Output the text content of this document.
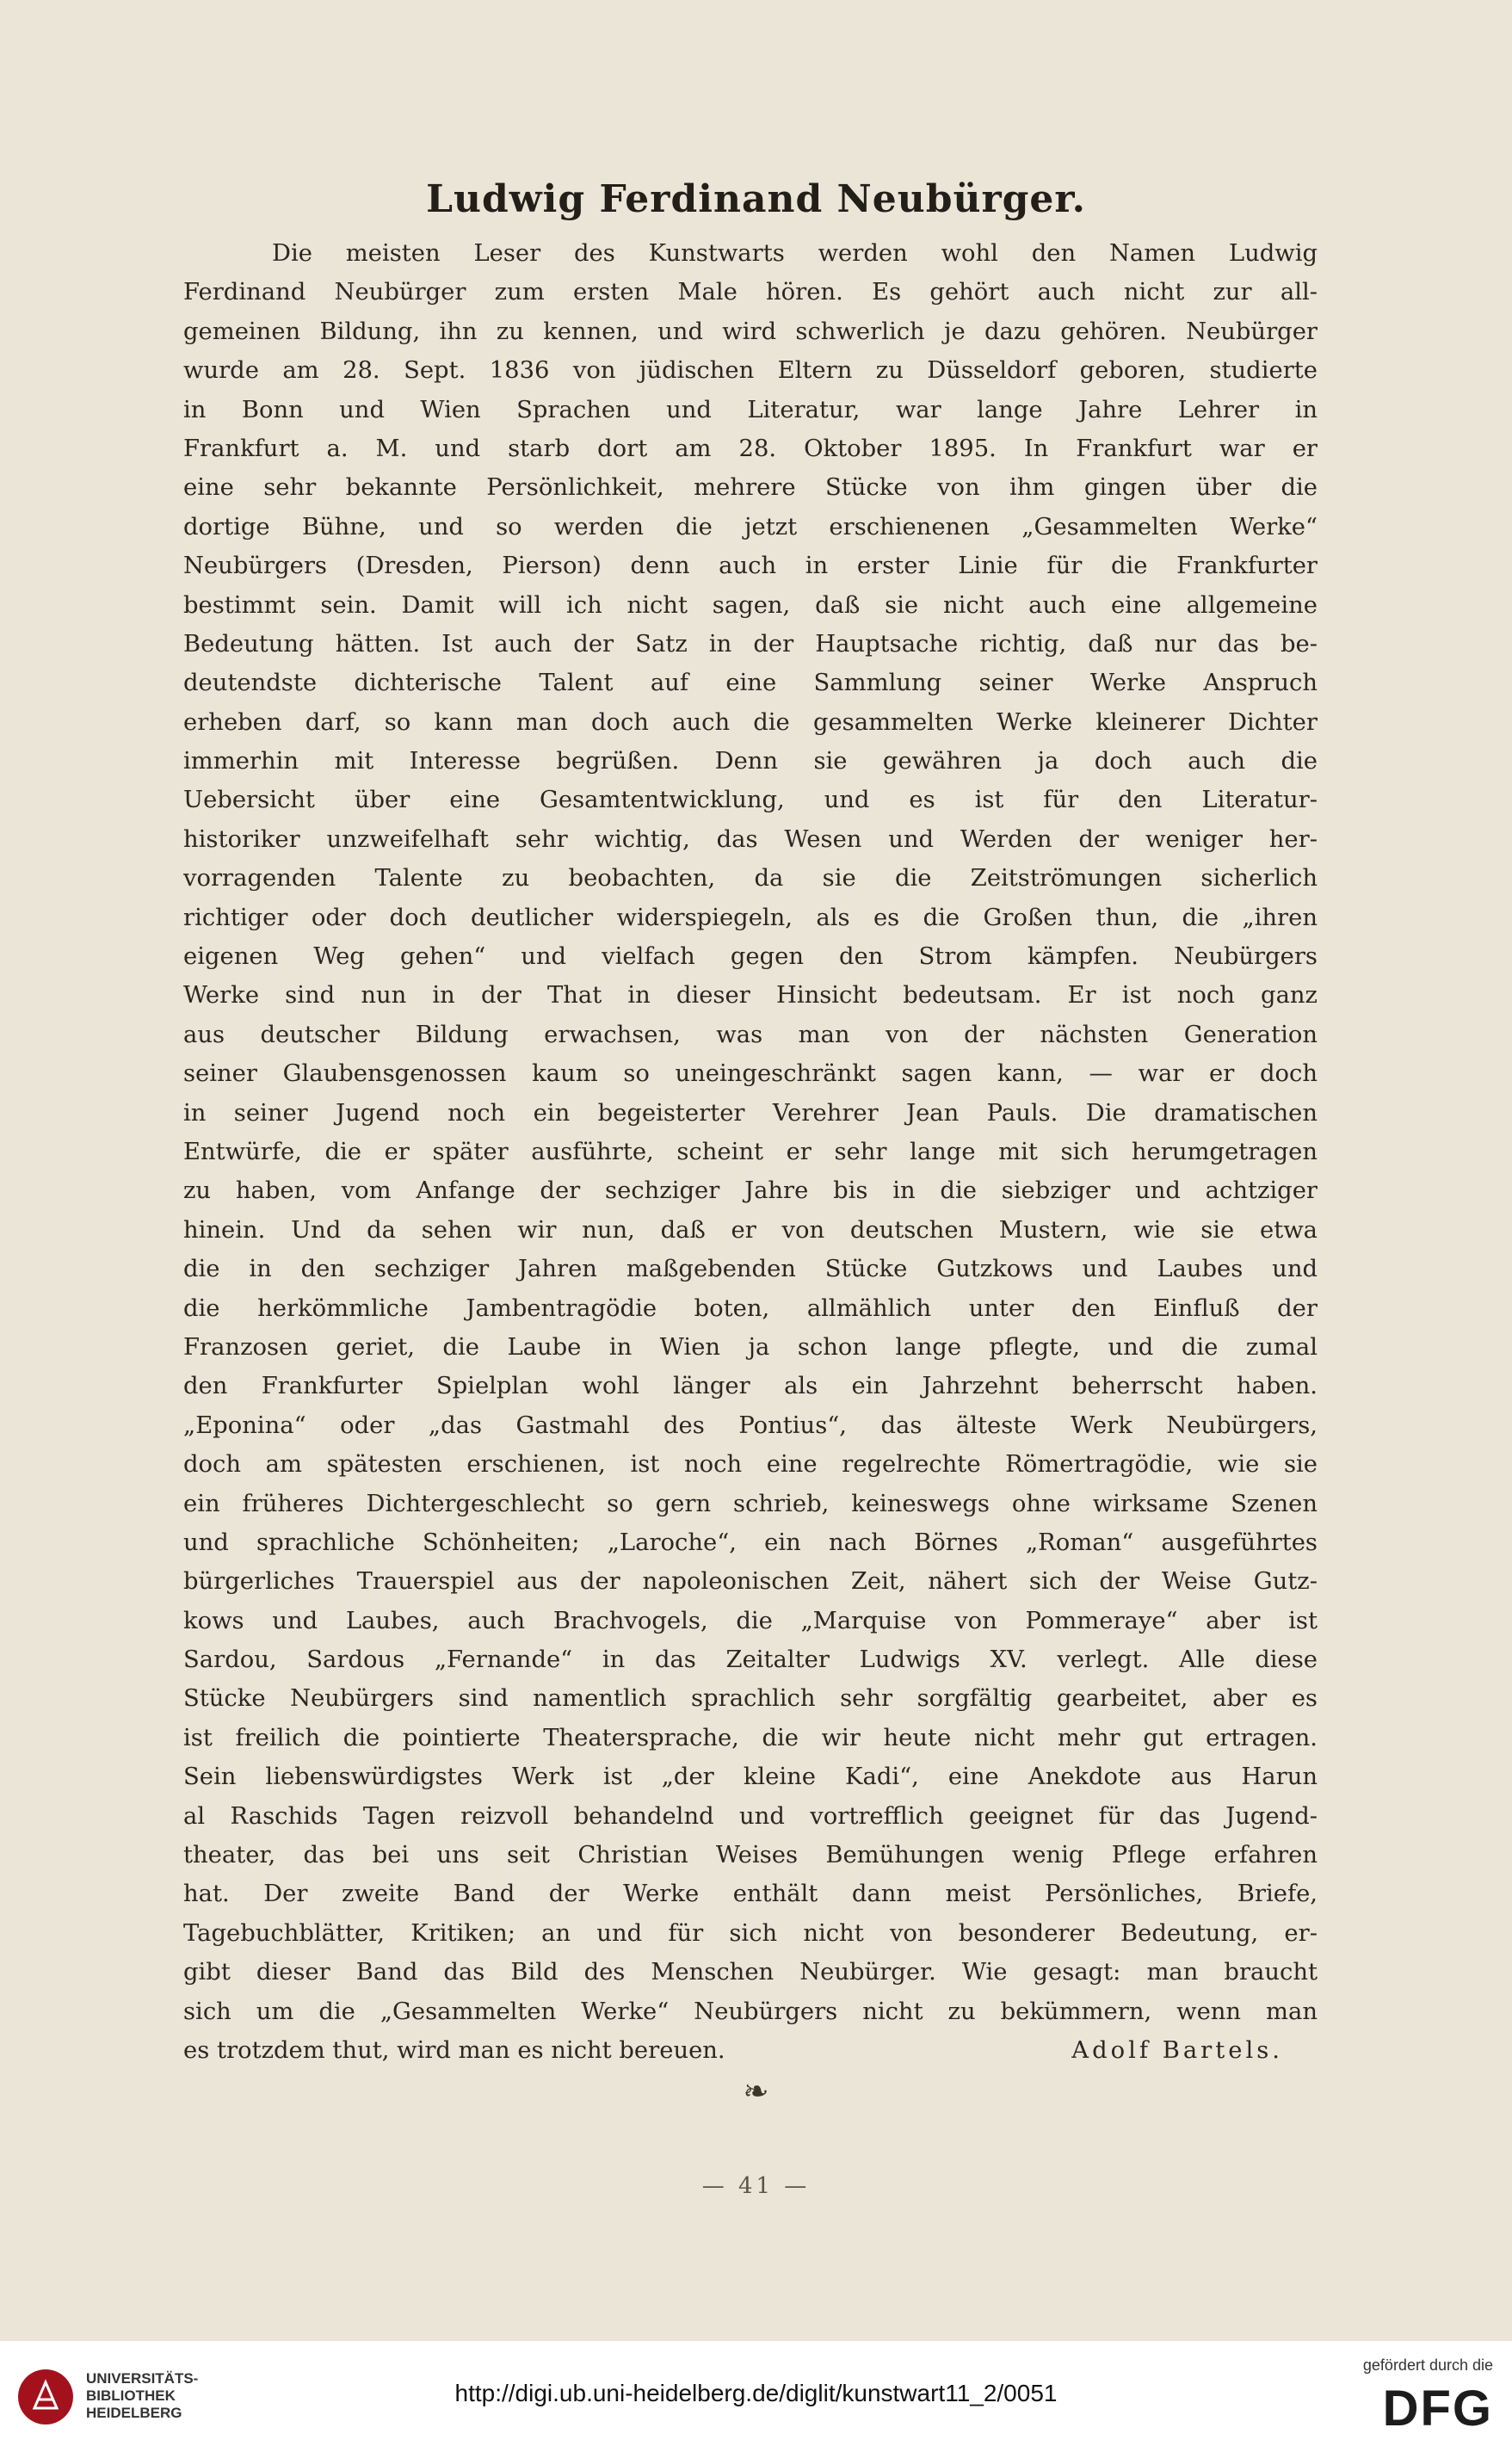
Ludwig Ferdinand Neubürger.
Die meisten Leser des Kunstwarts werden wohl den Namen Ludwig
Ferdinand Neubürger zum ersten Male hören. Es gehört auch nicht zur all-
gemeinen Bildung, ihn zu kennen, und wird schwerlich je dazu gehören. Neubürger
wurde am 28. Sept. 1836 von jüdischen Eltern zu Düsseldorf geboren, studierte
in Bonn und Wien Sprachen und Literatur, war lange Jahre Lehrer in
Frankfurt a. M. und starb dort am 28. Oktober 1895. In Frankfurt war er
eine sehr bekannte Persönlichkeit, mehrere Stücke von ihm gingen über die
dortige Bühne, und so werden die jetzt erschienenen „Gesammelten Werke“
Neubürgers (Dresden, Pierson) denn auch in erster Linie für die Frankfurter
bestimmt sein. Damit will ich nicht sagen, daß sie nicht auch eine allgemeine
Bedeutung hätten. Ist auch der Satz in der Hauptsache richtig, daß nur das be-
deutendste dichterische Talent auf eine Sammlung seiner Werke Anspruch
erheben darf, so kann man doch auch die gesammelten Werke kleinerer Dichter
immerhin mit Interesse begrüßen. Denn sie gewähren ja doch auch die
Uebersicht über eine Gesamtentwicklung, und es ist für den Literatur-
historiker unzweifelhaft sehr wichtig, das Wesen und Werden der weniger her-
vorragenden Talente zu beobachten, da sie die Zeitströmungen sicherlich
richtiger oder doch deutlicher widerspiegeln, als es die Großen thun, die „ihren
eigenen Weg gehen“ und vielfach gegen den Strom kämpfen. Neubürgers
Werke sind nun in der That in dieser Hinsicht bedeutsam. Er ist noch ganz
aus deutscher Bildung erwachsen, was man von der nächsten Generation
seiner Glaubensgenossen kaum so uneingeschränkt sagen kann, — war er doch
in seiner Jugend noch ein begeisterter Verehrer Jean Pauls. Die dramatischen
Entwürfe, die er später ausführte, scheint er sehr lange mit sich herumgetragen
zu haben, vom Anfange der sechziger Jahre bis in die siebziger und achtziger
hinein. Und da sehen wir nun, daß er von deutschen Mustern, wie sie etwa
die in den sechziger Jahren maßgebenden Stücke Gutzkows und Laubes und
die herkömmliche Jambentragödie boten, allmählich unter den Einfluß der
Franzosen geriet, die Laube in Wien ja schon lange pflegte, und die zumal
den Frankfurter Spielplan wohl länger als ein Jahrzehnt beherrscht haben.
„Eponina“ oder „das Gastmahl des Pontius“, das älteste Werk Neubürgers,
doch am spätesten erschienen, ist noch eine regelrechte Römertragödie, wie sie
ein früheres Dichtergeschlecht so gern schrieb, keineswegs ohne wirksame Szenen
und sprachliche Schönheiten; „Laroche“, ein nach Börnes „Roman“ ausgeführtes
bürgerliches Trauerspiel aus der napoleonischen Zeit, nähert sich der Weise Gutz-
kows und Laubes, auch Brachvogels, die „Marquise von Pommeraye“ aber ist
Sardou, Sardous „Fernande“ in das Zeitalter Ludwigs XV. verlegt. Alle diese
Stücke Neubürgers sind namentlich sprachlich sehr sorgfältig gearbeitet, aber es
ist freilich die pointierte Theatersprache, die wir heute nicht mehr gut ertragen.
Sein liebenswürdigstes Werk ist „der kleine Kadi“, eine Anekdote aus Harun
al Raschids Tagen reizvoll behandelnd und vortrefflich geeignet für das Jugend-
theater, das bei uns seit Christian Weises Bemühungen wenig Pflege erfahren
hat. Der zweite Band der Werke enthält dann meist Persönliches, Briefe,
Tagebuchblätter, Kritiken; an und für sich nicht von besonderer Bedeutung, er-
gibt dieser Band das Bild des Menschen Neubürger. Wie gesagt: man braucht
sich um die „Gesammelten Werke“ Neubürgers nicht zu bekümmern, wenn man
es trotzdem thut, wird man es nicht bereuen.	Adolf Bartels.
❧
— 41 —
UNIVERSITÄTS-
BIBLIOTHEK
HEIDELBERG
http://digi.ub.uni-heidelberg.de/diglit/kunstwart11_2/0051
gefördert durch die
DFG
